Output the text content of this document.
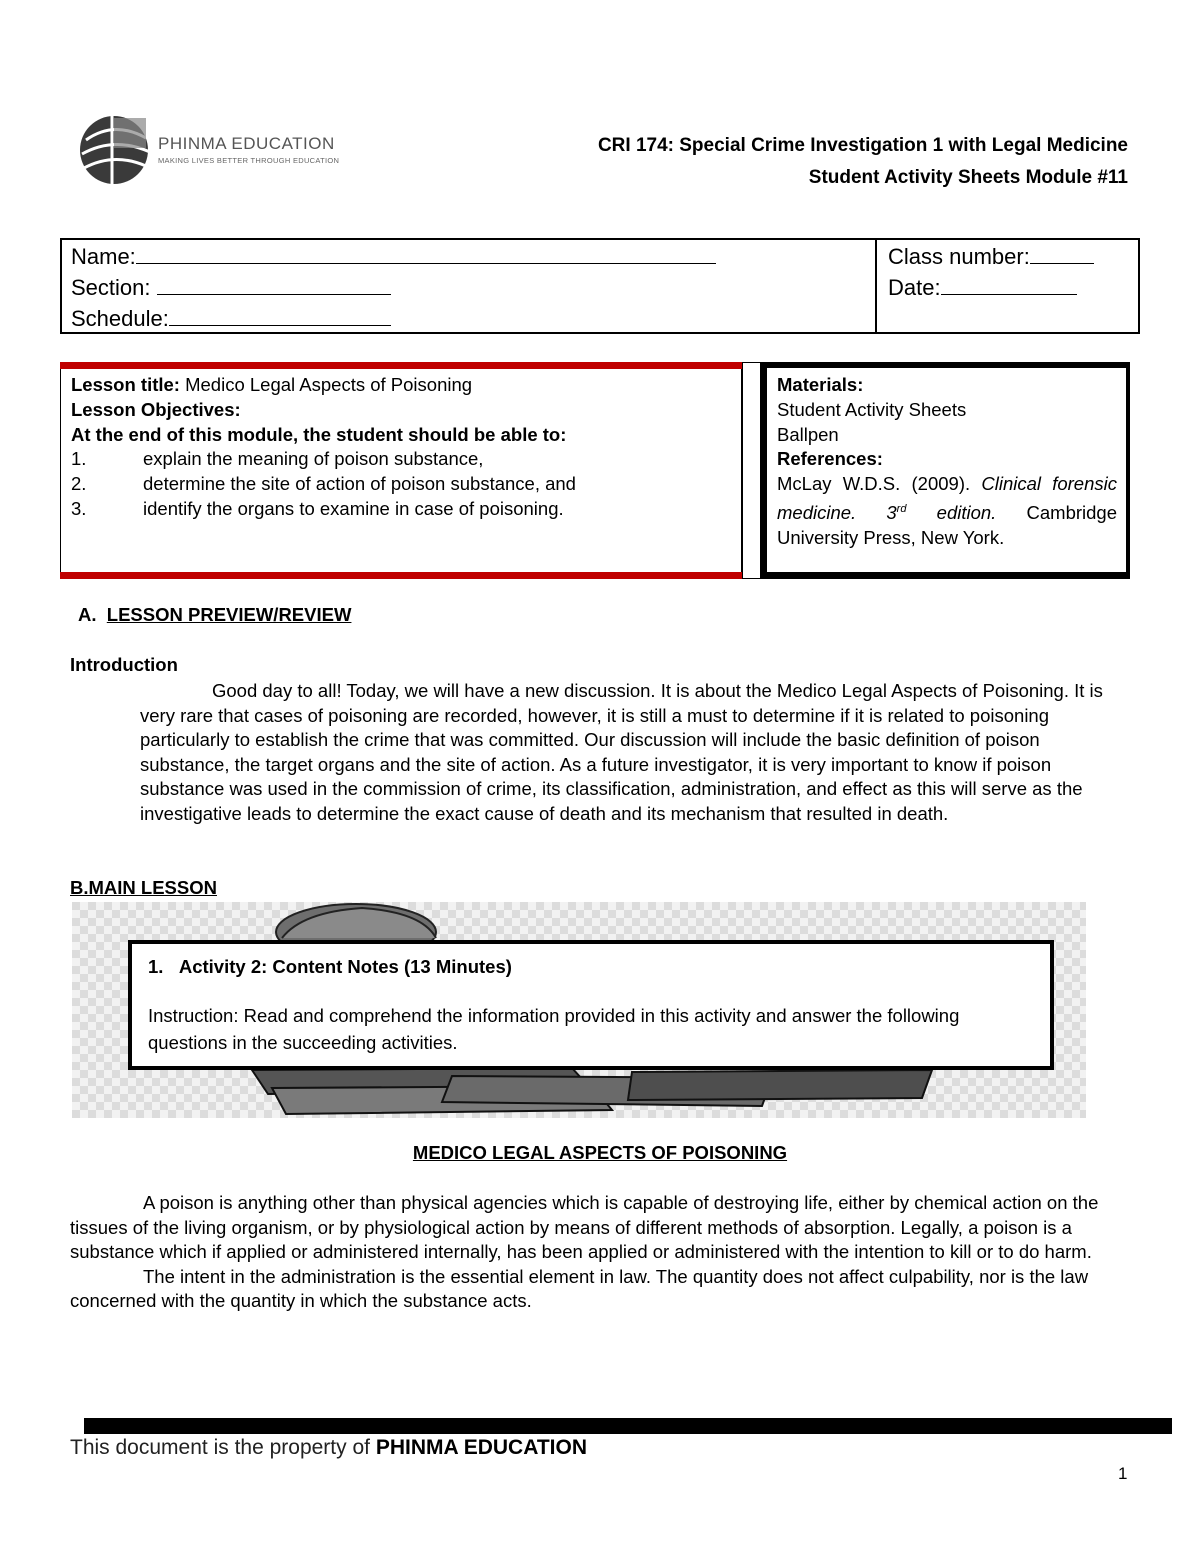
PHINMA EDUCATION
MAKING LIVES BETTER THROUGH EDUCATION
CRI 174: Special Crime Investigation 1 with Legal Medicine
Student Activity Sheets Module #11
Name:
Section:
Schedule:
Class number:
Date:
Lesson title: Medico Legal Aspects of Poisoning
Lesson Objectives:
At the end of this module, the student should be able to:
1.	explain the meaning of poison substance,
2.	determine the site of action of poison substance, and
3.	identify the organs to examine in case of poisoning.
Materials:
Student Activity Sheets
Ballpen
References:
McLay W.D.S. (2009). Clinical forensic medicine. 3rd edition. Cambridge University Press, New York.
A. LESSON PREVIEW/REVIEW
Introduction
Good day to all! Today, we will have a new discussion. It is about the Medico Legal Aspects of Poisoning. It is very rare that cases of poisoning are recorded, however, it is still a must to determine if it is related to poisoning particularly to establish the crime that was committed. Our discussion will include the basic definition of poison substance, the target organs and the site of action. As a future investigator, it is very important to know if poison substance was used in the commission of crime, its classification, administration, and effect as this will serve as the investigative leads to determine the exact cause of death and its mechanism that resulted in death.
B.MAIN LESSON
1. Activity 2: Content Notes (13 Minutes)
Instruction: Read and comprehend the information provided in this activity and answer the following questions in the succeeding activities.
MEDICO LEGAL ASPECTS OF POISONING
A poison is anything other than physical agencies which is capable of destroying life, either by chemical action on the tissues of the living organism, or by physiological action by means of different methods of absorption. Legally, a poison is a substance which if applied or administered internally, has been applied or administered with the intention to kill or to do harm.
The intent in the administration is the essential element in law. The quantity does not affect culpability, nor is the law concerned with the quantity in which the substance acts.
This document is the property of PHINMA EDUCATION
1
